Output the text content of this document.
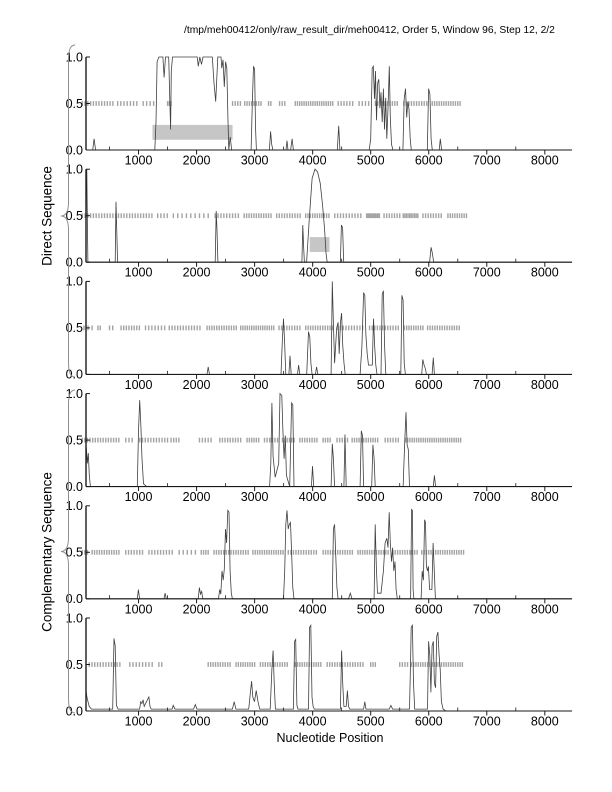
/tmp/meh00412/only/raw_result_dir/meh00412, Order 5, Window 96, Step 12, 2/2
0.0
0.5
1.0
1000 2000 3000 4000 5000 6000 7000 8000
0.0
0.5
1.0
1000 2000 3000 4000 5000 6000 7000 8000
0.0
0.5
1.0
1000 2000 3000 4000 5000 6000 7000 8000
0.0
0.5
1.0
1000 2000 3000 4000 5000 6000 7000 8000
0.0
0.5
1.0
1000 2000 3000 4000 5000 6000 7000 8000
0.0
0.5
1.0
1000 2000 3000 4000 5000 6000 7000 8000
Direct Sequence
Complementary Sequence
Nucleotide Position
